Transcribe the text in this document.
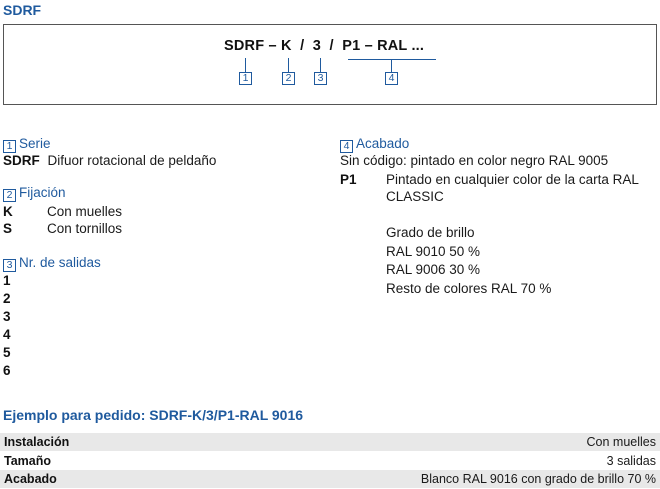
SDRF
SDRF – K  /  3  /  P1 – RAL ...
1	2	3	4
1 Serie
SDRF Difuor rotacional de peldaño
2 Fijación
K	Con muelles
S	Con tornillos
3 Nr. de salidas
1
2
3
4
5
6
4 Acabado
Sin código: pintado en color negro RAL 9005
P1 Pintado en cualquier color de la carta RAL
CLASSIC
Grado de brillo
RAL 9010 50 %
RAL 9006 30 %
Resto de colores RAL 70 %
Ejemplo para pedido: SDRF-K/3/P1-RAL 9016
Instalación	Con muelles
Tamaño	3 salidas
Acabado	Blanco RAL 9016 con grado de brillo 70 %
